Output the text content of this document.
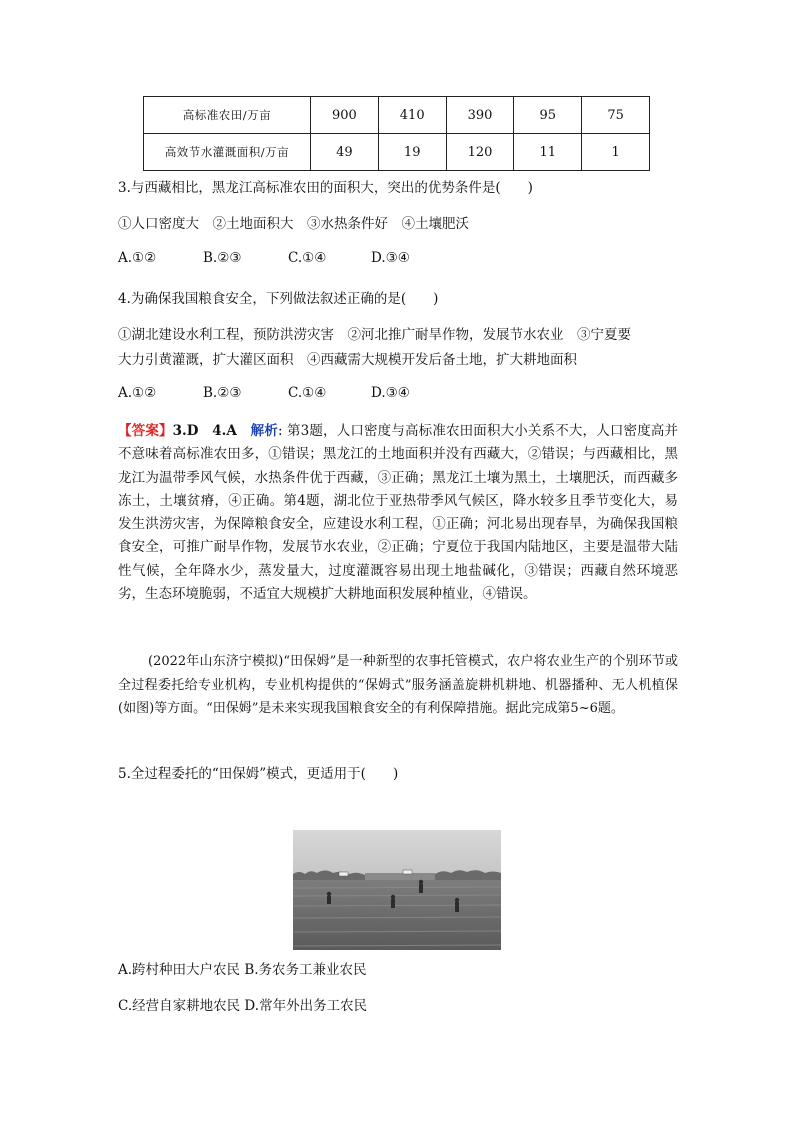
高标准农田/万亩	900	410	390	95	75
高效节水灌溉面积/万亩	49	19	120	11	1
3.与西藏相比，黑龙江高标准农田的面积大，突出的优势条件是(　　)
①人口密度大　②土地面积大　③水热条件好　④土壤肥沃
A.①②	B.②③	C.①④	D.③④
4.为确保我国粮食安全，下列做法叙述正确的是(　　)
①湖北建设水利工程，预防洪涝灾害　②河北推广耐旱作物，发展节水农业　③宁夏要
大力引黄灌溉，扩大灌区面积　④西藏需大规模开发后备土地，扩大耕地面积
A.①②	B.②③	C.①④	D.③④
【答案】3.D　4.A　解析: 第3题，人口密度与高标准农田面积大小关系不大，人口密度高并不意味着高标准农田多，①错误；黑龙江的土地面积并没有西藏大，②错误；与西藏相比，黑龙江为温带季风气候，水热条件优于西藏，③正确；黑龙江土壤为黑土，土壤肥沃，而西藏多冻土，土壤贫瘠，④正确。第4题，湖北位于亚热带季风气候区，降水较多且季节变化大，易发生洪涝灾害，为保障粮食安全，应建设水利工程，①正确；河北易出现春旱，为确保我国粮食安全，可推广耐旱作物，发展节水农业，②正确；宁夏位于我国内陆地区，主要是温带大陆性气候，全年降水少，蒸发量大，过度灌溉容易出现土地盐碱化，③错误；西藏自然环境恶劣，生态环境脆弱，不适宜大规模扩大耕地面积发展种植业，④错误。
(2022年山东济宁模拟)“田保姆”是一种新型的农事托管模式，农户将农业生产的个别环节或全过程委托给专业机构，专业机构提供的“保姆式”服务涵盖旋耕机耕地、机器播种、无人机植保(如图)等方面。“田保姆”是未来实现我国粮食安全的有利保障措施。据此完成第5~6题。
5.全过程委托的“田保姆”模式，更适用于(　　)
A.跨村种田大户农民 B.务农务工兼业农民
C.经营自家耕地农民 D.常年外出务工农民
